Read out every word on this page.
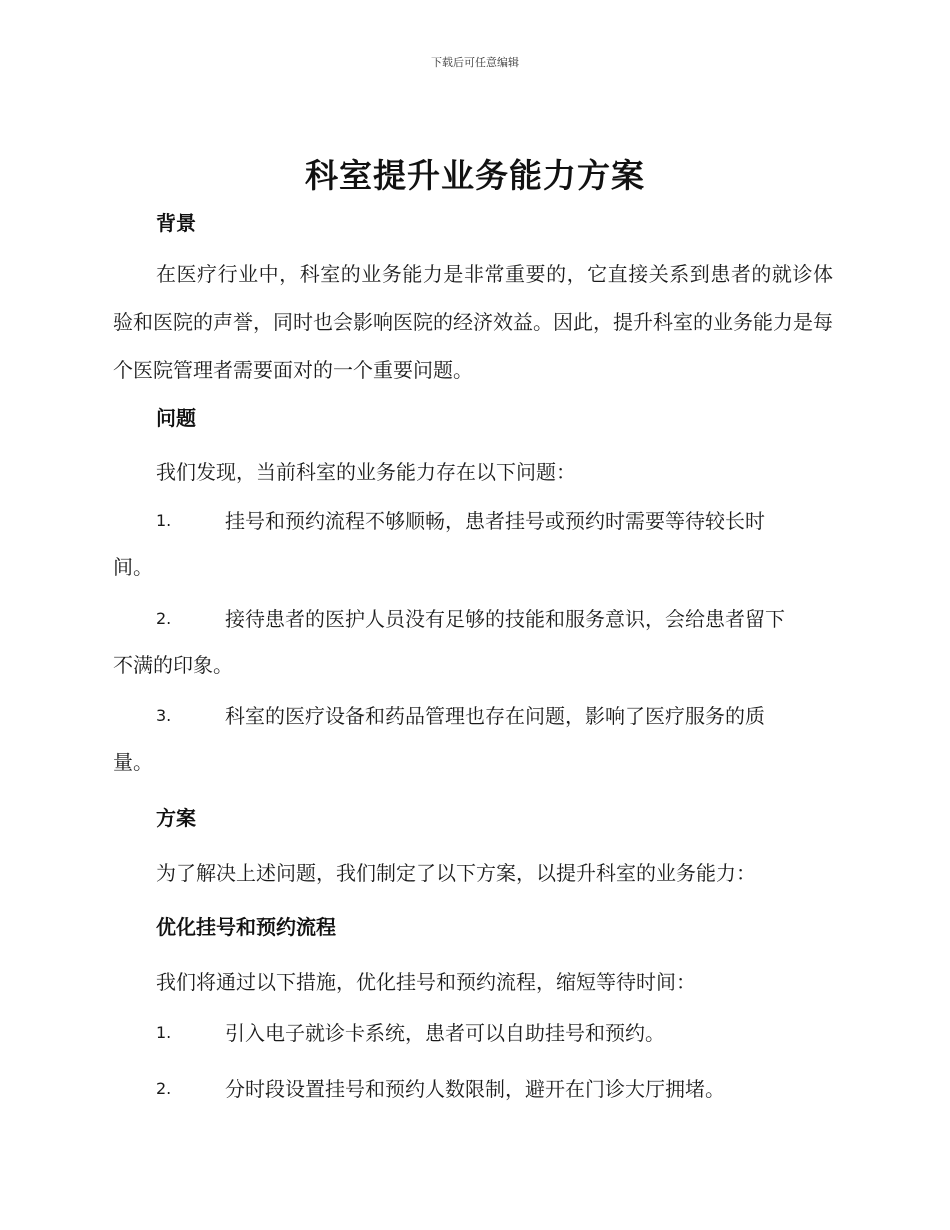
下载后可任意编辑
科室提升业务能力方案
背景

在医疗行业中，科室的业务能力是非常重要的，它直接关系到患者的就诊体验和医院的声誉，同时也会影响医院的经济效益。因此，提升科室的业务能力是每个医院管理者需要面对的一个重要问题。

问题
我们发现，当前科室的业务能力存在以下问题：
1.	挂号和预约流程不够顺畅，患者挂号或预约时需要等待较长时
间。
2.	接待患者的医护人员没有足够的技能和服务意识，会给患者留下
不满的印象。
3.	科室的医疗设备和药品管理也存在问题，影响了医疗服务的质
量。
方案
为了解决上述问题，我们制定了以下方案，以提升科室的业务能力：
优化挂号和预约流程
我们将通过以下措施，优化挂号和预约流程，缩短等待时间：
1.	引入电子就诊卡系统，患者可以自助挂号和预约。
2.	分时段设置挂号和预约人数限制，避开在门诊大厅拥堵。
